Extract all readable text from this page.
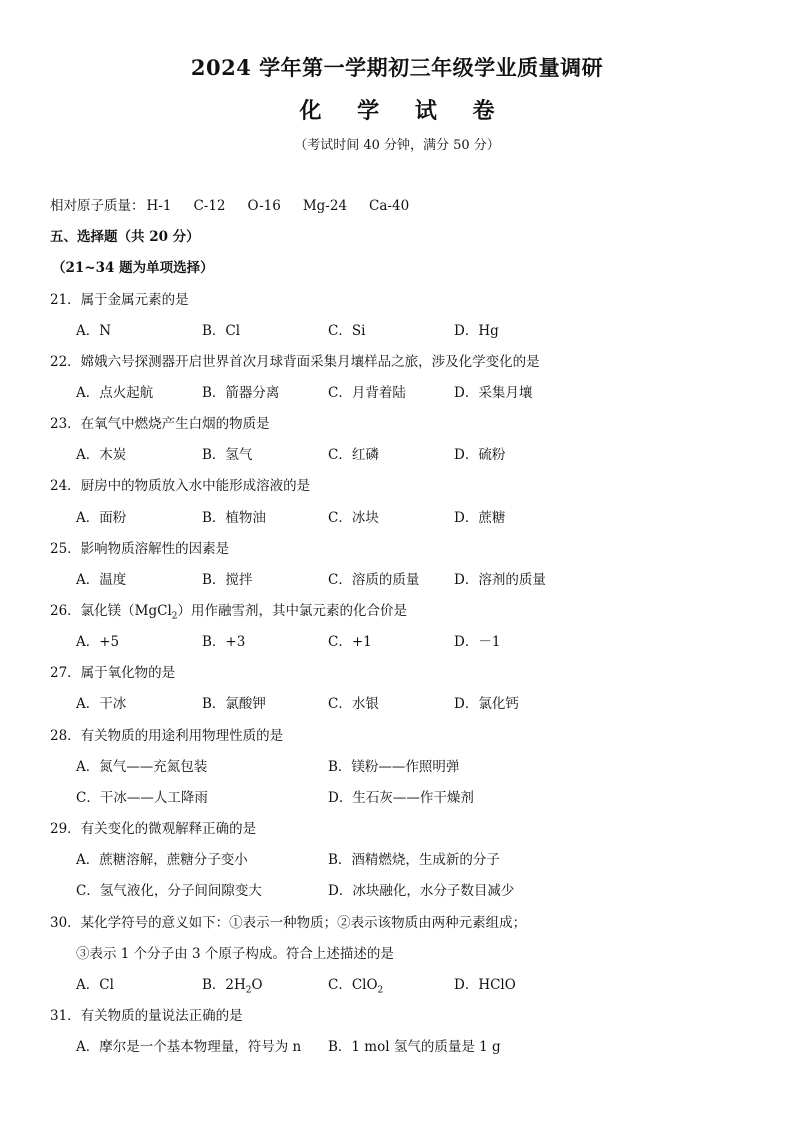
2024 学年第一学期初三年级学业质量调研
化 学 试 卷
（考试时间 40 分钟，满分 50 分）
相对原子质量： H-1 C-12 O-16 Mg-24 Ca-40
五、选择题（共 20 分）
（21~34 题为单项选择）
21．属于金属元素的是
A．N	B．Cl	C．Si	D．Hg
22．嫦娥六号探测器开启世界首次月球背面采集月壤样品之旅，涉及化学变化的是
A．点火起航	B．箭器分离	C．月背着陆	D．采集月壤
23．在氧气中燃烧产生白烟的物质是
A．木炭	B．氢气	C．红磷	D．硫粉
24．厨房中的物质放入水中能形成溶液的是
A．面粉	B．植物油	C．冰块	D．蔗糖
25．影响物质溶解性的因素是
A．温度	B．搅拌	C．溶质的质量	D．溶剂的质量
26．氯化镁（MgCl$_2$）用作融雪剂，其中氯元素的化合价是
A．+5	B．+3	C．+1	D．－1
27．属于氧化物的是
A．干冰	B．氯酸钾	C．水银	D．氯化钙
28．有关物质的用途利用物理性质的是
A．氮气——充氮包装	B．镁粉——作照明弹
C．干冰——人工降雨	D．生石灰——作干燥剂
29．有关变化的微观解释正确的是
A．蔗糖溶解，蔗糖分子变小	B．酒精燃烧，生成新的分子
C．氢气液化，分子间间隙变大	D．冰块融化，水分子数目减少
30．某化学符号的意义如下：①表示一种物质；②表示该物质由两种元素组成；
③表示 1 个分子由 3 个原子构成。符合上述描述的是
A．Cl	B．$2H_2O$	C．ClO$_2$	D．HClO
31．有关物质的量说法正确的是
A．摩尔是一个基本物理量，符号为 n B．1 mol 氢气的质量是 1 g
